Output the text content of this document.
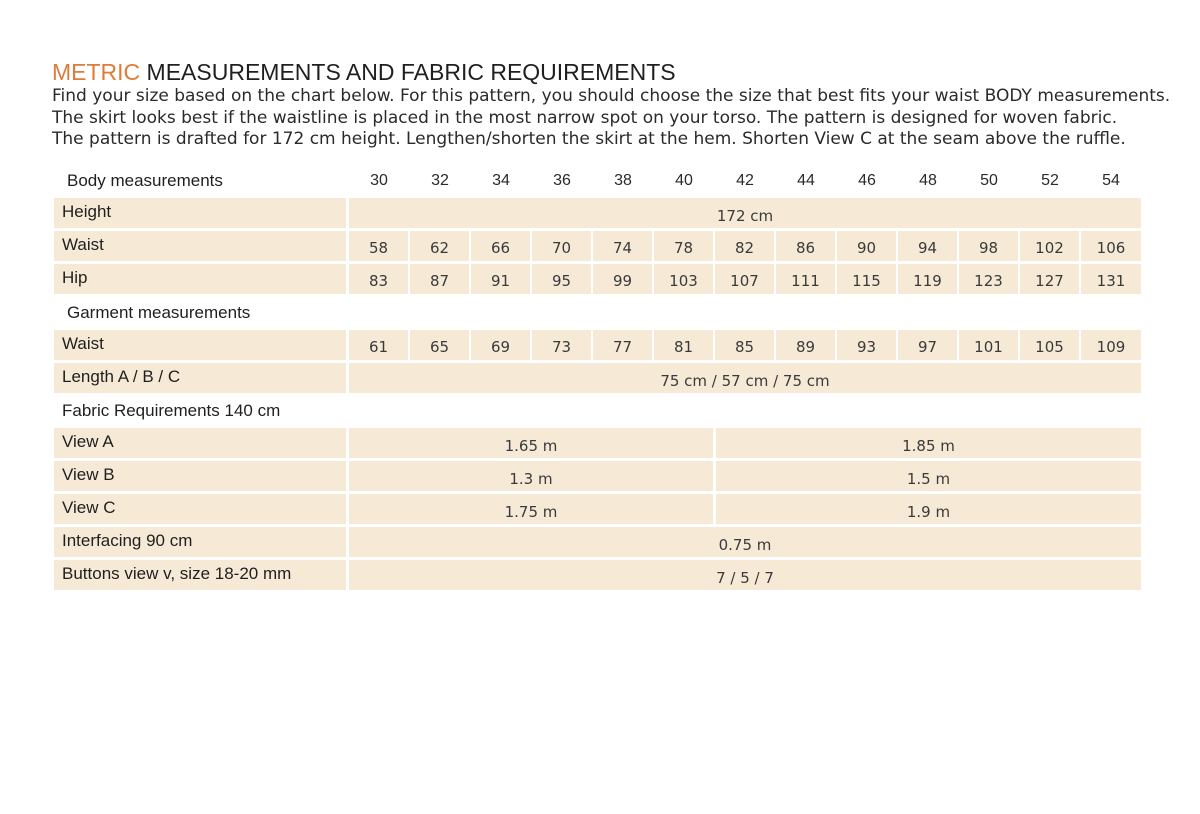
METRIC MEASUREMENTS AND FABRIC REQUIREMENTS
Find your size based on the chart below. For this pattern, you should choose the size that best fits your waist BODY measurements.
The skirt looks best if the waistline is placed in the most narrow spot on your torso. The pattern is designed for woven fabric.
The pattern is drafted for 172 cm height. Lengthen/shorten the skirt at the hem. Shorten View C at the seam above the ruffle.
Body measurements	30	32	34	36	38	40	42	44	46	48	50	52	54
Height	172 cm
Waist	58	62	66	70	74	78	82	86	90	94	98	102	106
Hip	83	87	91	95	99	103	107	111	115	119	123	127	131
Garment measurements
Waist	61	65	69	73	77	81	85	89	93	97	101	105	109
Length A / B / C	75 cm / 57 cm / 75 cm
Fabric Requirements 140 cm
View A	1.65 m	1.85 m
View B	1.3 m	1.5 m
View C	1.75 m	1.9 m
Interfacing 90 cm	0.75 m
Buttons view v, size 18-20 mm	7 / 5 / 7
